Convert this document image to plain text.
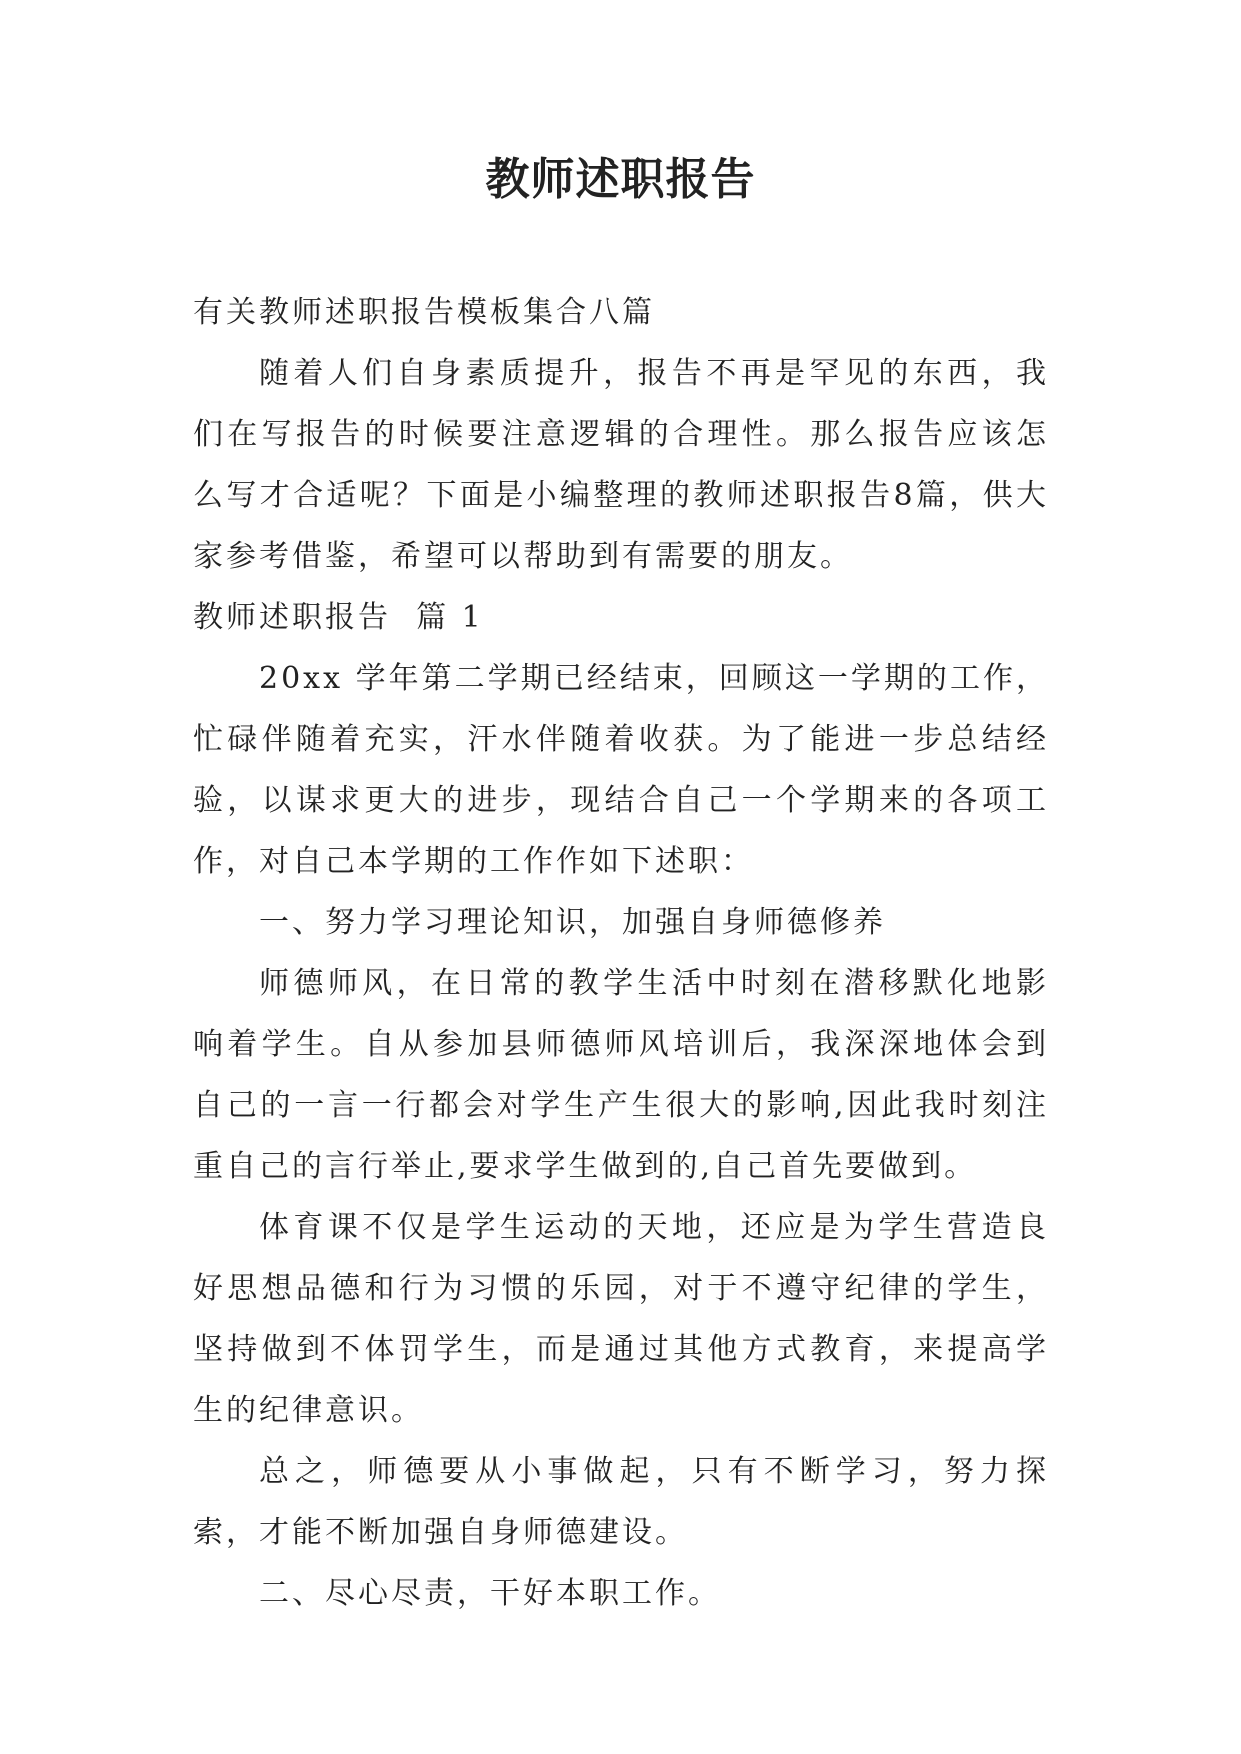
教师述职报告

有关教师述职报告模板集合八篇

随着人们自身素质提升，报告不再是罕见的东西，我们在写报告的时候要注意逻辑的合理性。那么报告应该怎么写才合适呢？下面是小编整理的教师述职报告8篇，供大家参考借鉴，希望可以帮助到有需要的朋友。

教师述职报告  篇 1

20xx 学年第二学期已经结束，回顾这一学期的工作，忙碌伴随着充实，汗水伴随着收获。为了能进一步总结经验，以谋求更大的进步，现结合自己一个学期来的各项工作，对自己本学期的工作作如下述职：

一、努力学习理论知识，加强自身师德修养

师德师风，在日常的教学生活中时刻在潜移默化地影响着学生。自从参加县师德师风培训后，我深深地体会到自己的一言一行都会对学生产生很大的影响,因此我时刻注重自己的言行举止,要求学生做到的,自己首先要做到。

体育课不仅是学生运动的天地，还应是为学生营造良好思想品德和行为习惯的乐园，对于不遵守纪律的学生，坚持做到不体罚学生，而是通过其他方式教育，来提高学生的纪律意识。

总之，师德要从小事做起，只有不断学习，努力探索，才能不断加强自身师德建设。

二、尽心尽责，干好本职工作。
